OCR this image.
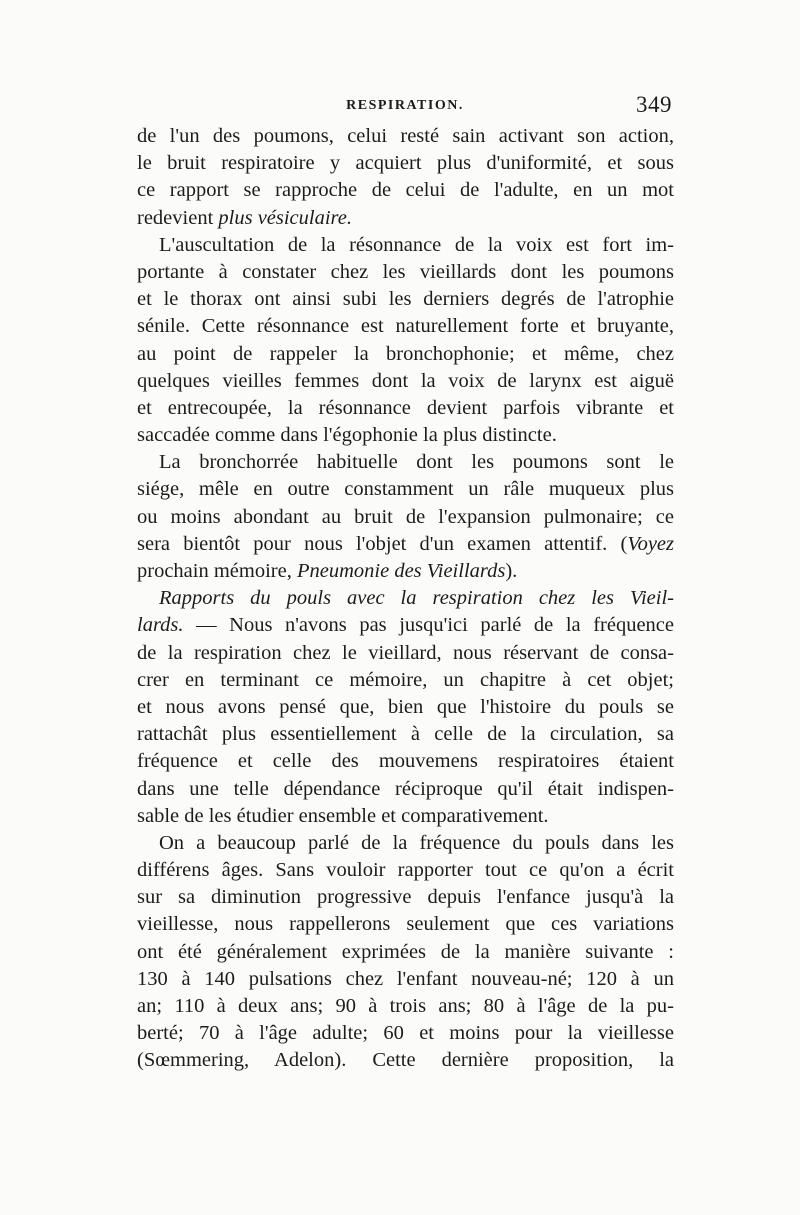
RESPIRATION.	349
de l'un des poumons, celui resté sain activant son action,
le bruit respiratoire y acquiert plus d'uniformité, et sous
ce rapport se rapproche de celui de l'adulte, en un mot
redevient plus vésiculaire.
L'auscultation de la résonnance de la voix est fort im-
portante à constater chez les vieillards dont les poumons
et le thorax ont ainsi subi les derniers degrés de l'atrophie
sénile. Cette résonnance est naturellement forte et bruyante,
au point de rappeler la bronchophonie; et même, chez
quelques vieilles femmes dont la voix de larynx est aiguë
et entrecoupée, la résonnance devient parfois vibrante et
saccadée comme dans l'égophonie la plus distincte.
La bronchorrée habituelle dont les poumons sont le
siége, mêle en outre constamment un râle muqueux plus
ou moins abondant au bruit de l'expansion pulmonaire; ce
sera bientôt pour nous l'objet d'un examen attentif. (Voyez
prochain mémoire, Pneumonie des Vieillards).
Rapports du pouls avec la respiration chez les Vieil-
lards. — Nous n'avons pas jusqu'ici parlé de la fréquence
de la respiration chez le vieillard, nous réservant de consa-
crer en terminant ce mémoire, un chapitre à cet objet;
et nous avons pensé que, bien que l'histoire du pouls se
rattachât plus essentiellement à celle de la circulation, sa
fréquence et celle des mouvemens respiratoires étaient
dans une telle dépendance réciproque qu'il était indispen-
sable de les étudier ensemble et comparativement.
On a beaucoup parlé de la fréquence du pouls dans les
différens âges. Sans vouloir rapporter tout ce qu'on a écrit
sur sa diminution progressive depuis l'enfance jusqu'à la
vieillesse, nous rappellerons seulement que ces variations
ont été généralement exprimées de la manière suivante :
130 à 140 pulsations chez l'enfant nouveau-né; 120 à un
an; 110 à deux ans; 90 à trois ans; 80 à l'âge de la pu-
berté; 70 à l'âge adulte; 60 et moins pour la vieillesse
(Sœmmering, Adelon). Cette dernière proposition, la
